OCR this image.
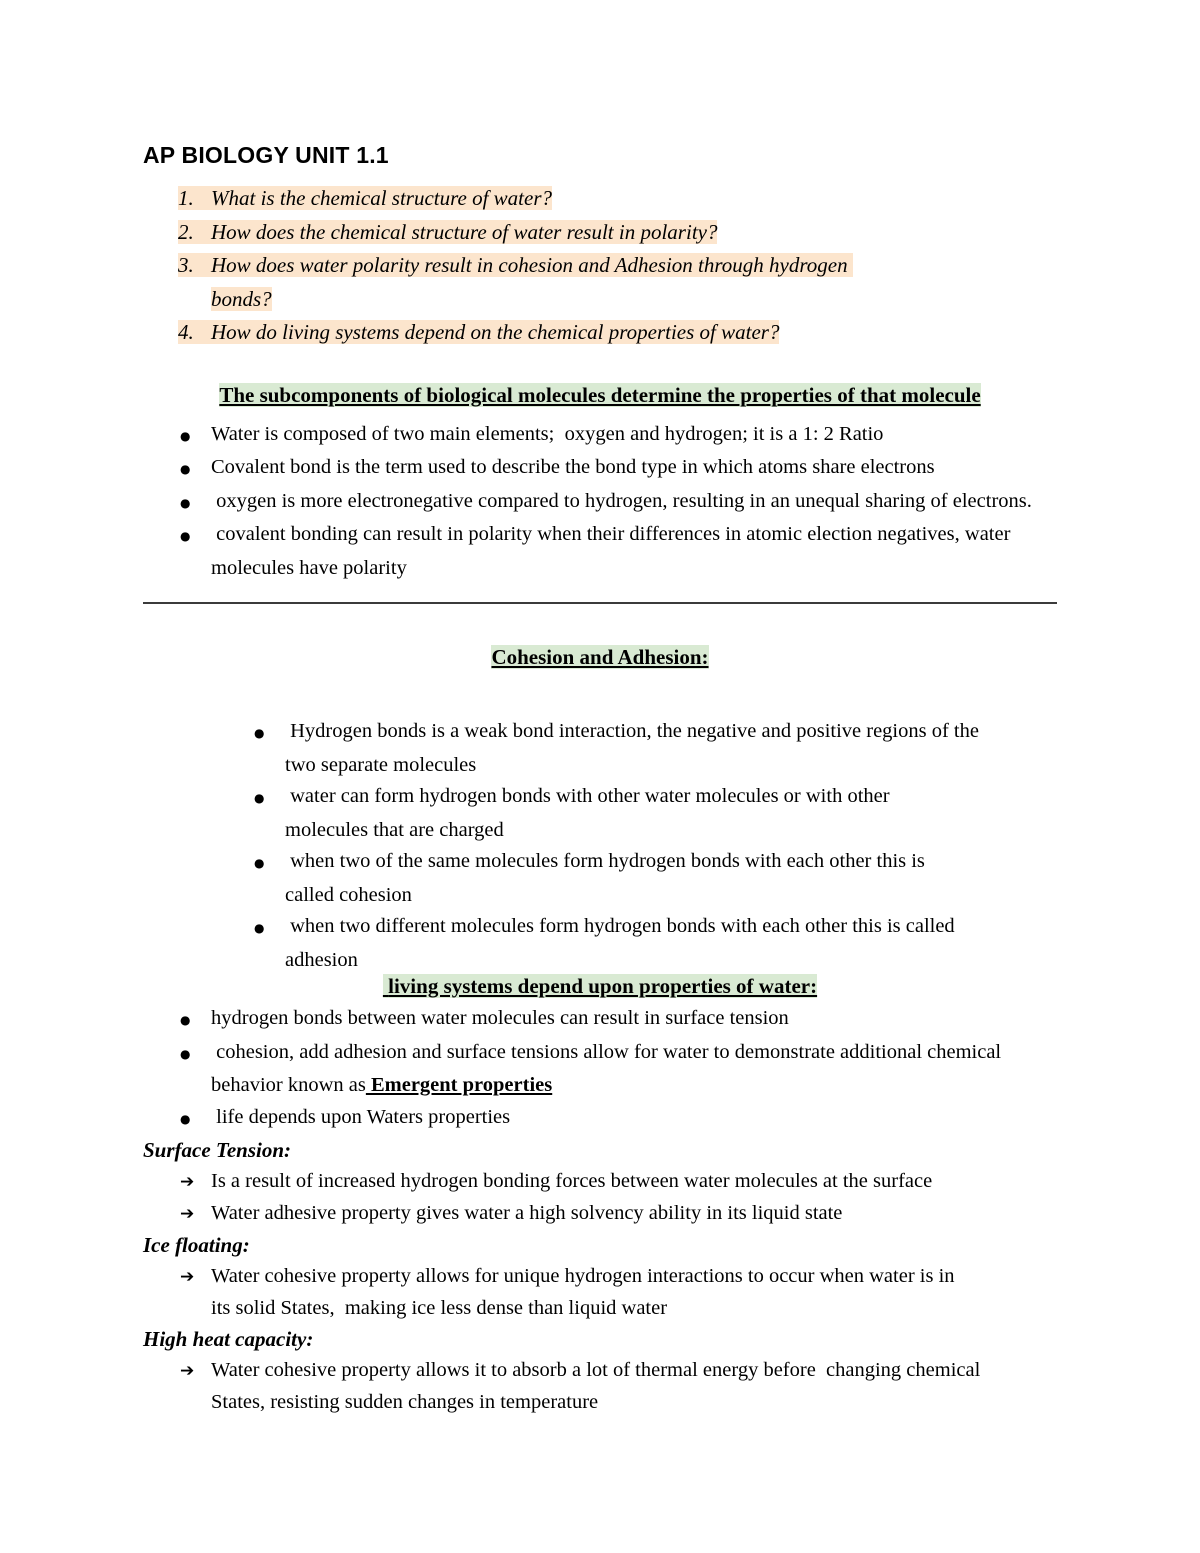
AP BIOLOGY UNIT 1.1
1. What is the chemical structure of water?
2. How does the chemical structure of water result in polarity?
3. How does water polarity result in cohesion and Adhesion through hydrogen bonds?
4. How do living systems depend on the chemical properties of water?
The subcomponents of biological molecules determine the properties of that molecule
● Water is composed of two main elements;  oxygen and hydrogen; it is a 1: 2 Ratio
● Covalent bond is the term used to describe the bond type in which atoms share electrons
● oxygen is more electronegative compared to hydrogen, resulting in an unequal sharing of electrons.
● covalent bonding can result in polarity when their differences in atomic election negatives, water molecules have polarity
Cohesion and Adhesion:
● Hydrogen bonds is a weak bond interaction, the negative and positive regions of the two separate molecules
● water can form hydrogen bonds with other water molecules or with other molecules that are charged
● when two of the same molecules form hydrogen bonds with each other this is called cohesion
● when two different molecules form hydrogen bonds with each other this is called adhesion
living systems depend upon properties of water:
● hydrogen bonds between water molecules can result in surface tension
● cohesion, add adhesion and surface tensions allow for water to demonstrate additional chemical behavior known as Emergent properties
● life depends upon Waters properties
Surface Tension:
➔ Is a result of increased hydrogen bonding forces between water molecules at the surface
➔ Water adhesive property gives water a high solvency ability in its liquid state
Ice floating:
➔ Water cohesive property allows for unique hydrogen interactions to occur when water is in its solid States,  making ice less dense than liquid water
High heat capacity:
➔ Water cohesive property allows it to absorb a lot of thermal energy before  changing chemical States, resisting sudden changes in temperature
